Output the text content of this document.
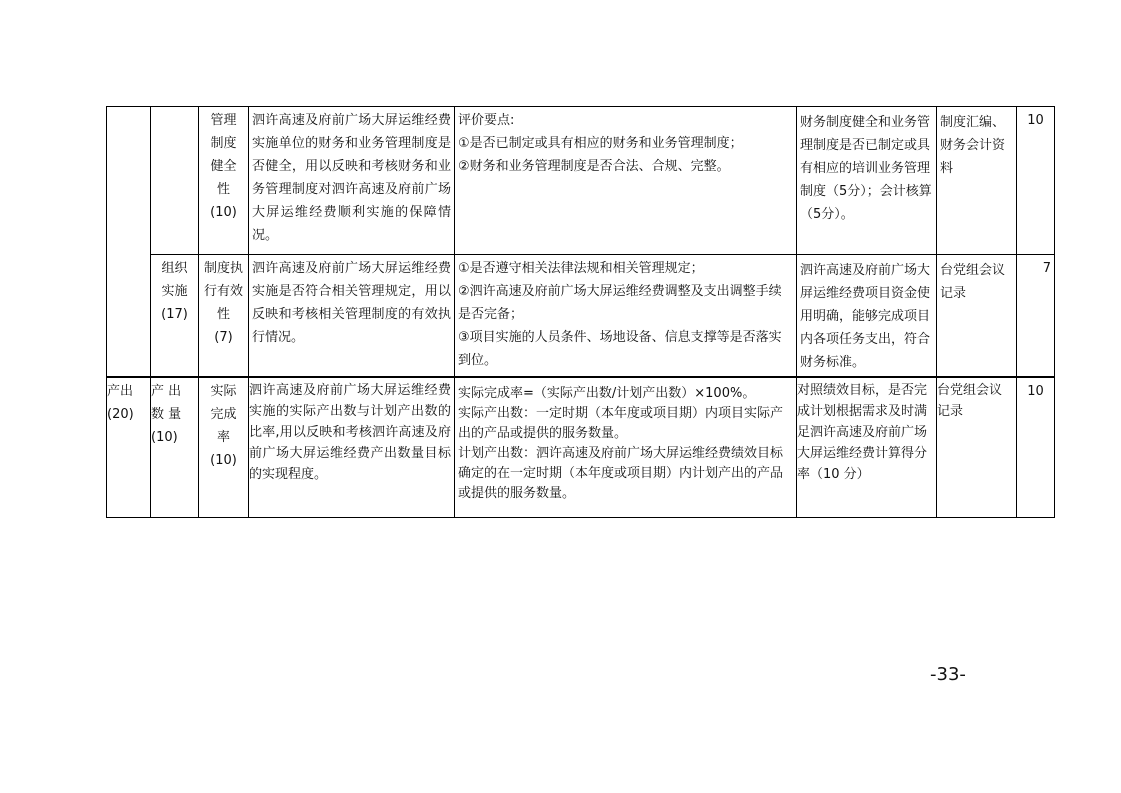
		管理
制度
健全
性
(10)	泗许高速及府前广场大屏运维经费实施单位的财务和业务管理制度是否健全，用以反映和考核财务和业务管理制度对泗许高速及府前广场大屏运维经费顺利实施的保障情况。	评价要点:
①是否已制定或具有相应的财务和业务管理制度；
②财务和业务管理制度是否合法、合规、完整。	财务制度健全和业务管理制度是否已制定或具有相应的培训业务管理制度（5分）；会计核算（5分）。	制度汇编、财务会计资料	10

	组织
实施
(17)	制度执
行有效
性
(7)	泗许高速及府前广场大屏运维经费实施是否符合相关管理规定，用以反映和考核相关管理制度的有效执行情况。	①是否遵守相关法律法规和相关管理规定；
②泗许高速及府前广场大屏运维经费调整及支出调整手续是否完备；
③项目实施的人员条件、场地设备、信息支撑等是否落实到位。	泗许高速及府前广场大屏运维经费项目资金使用明确，能够完成项目内各项任务支出，符合财务标准。	台党组会议记录	7

产出
(20)	产 出
数 量
(10)	实际
完成
率
(10)	泗许高速及府前广场大屏运维经费实施的实际产出数与计划产出数的比率,用以反映和考核泗许高速及府前广场大屏运维经费产出数量目标的实现程度。	实际完成率=（实际产出数/计划产出数）×100%。
实际产出数：一定时期（本年度或项目期）内项目实际产出的产品或提供的服务数量。
计划产出数：泗许高速及府前广场大屏运维经费绩效目标确定的在一定时期（本年度或项目期）内计划产出的产品或提供的服务数量。	对照绩效目标，是否完成计划根据需求及时满足泗许高速及府前广场大屏运维经费计算得分率（10 分）	台党组会议记录	10
-33-
